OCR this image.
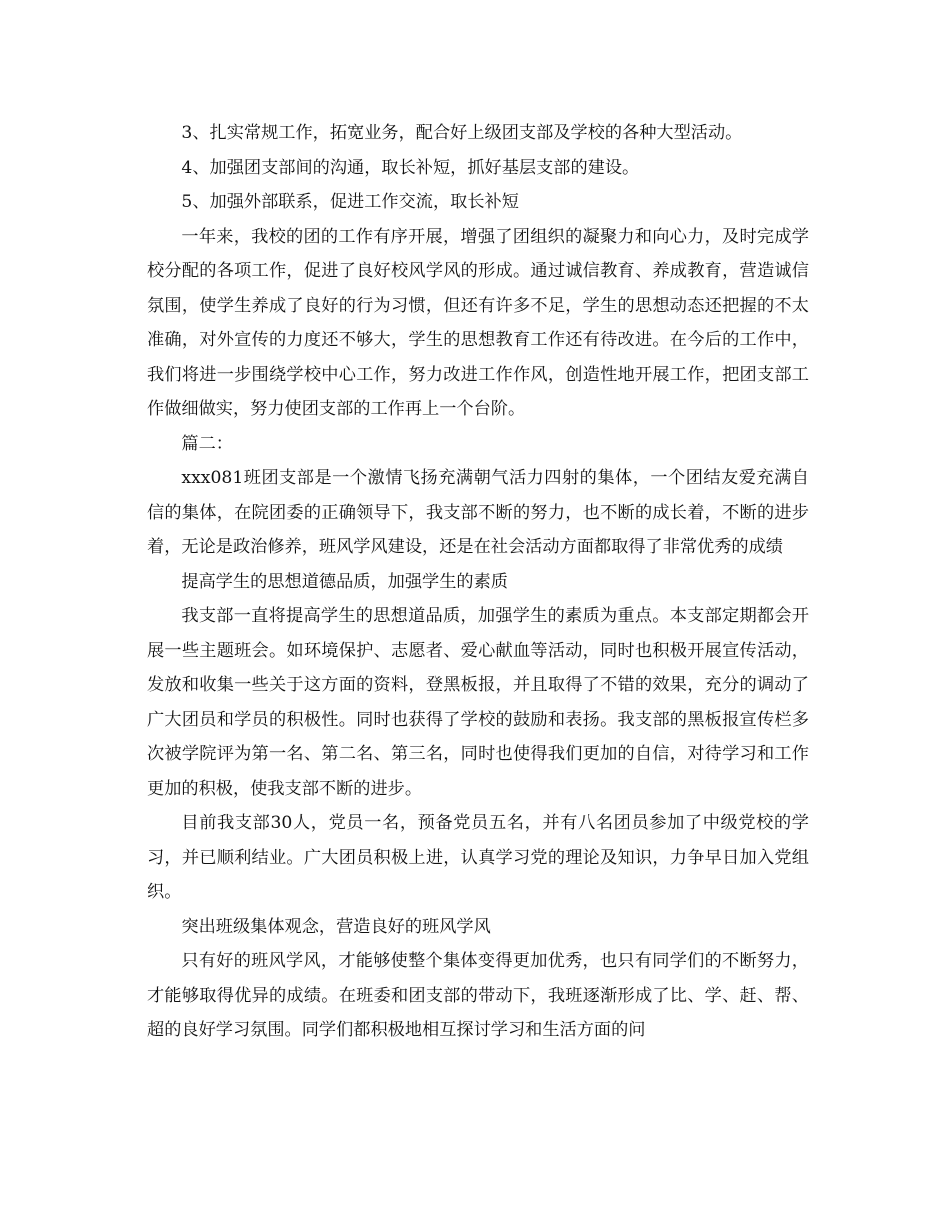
3、扎实常规工作，拓宽业务，配合好上级团支部及学校的各种大型活动。

4、加强团支部间的沟通，取长补短，抓好基层支部的建设。

5、加强外部联系，促进工作交流，取长补短

一年来，我校的团的工作有序开展，增强了团组织的凝聚力和向心力，及时完成学校分配的各项工作，促进了良好校风学风的形成。通过诚信教育、养成教育，营造诚信氛围，使学生养成了良好的行为习惯，但还有许多不足，学生的思想动态还把握的不太准确，对外宣传的力度还不够大，学生的思想教育工作还有待改进。在今后的工作中，我们将进一步围绕学校中心工作，努力改进工作作风，创造性地开展工作，把团支部工作做细做实，努力使团支部的工作再上一个台阶。

篇二：

xxx081班团支部是一个激情飞扬充满朝气活力四射的集体，一个团结友爱充满自信的集体，在院团委的正确领导下，我支部不断的努力，也不断的成长着，不断的进步着，无论是政治修养，班风学风建设，还是在社会活动方面都取得了非常优秀的成绩

提高学生的思想道德品质，加强学生的素质

我支部一直将提高学生的思想道品质，加强学生的素质为重点。本支部定期都会开展一些主题班会。如环境保护、志愿者、爱心献血等活动，同时也积极开展宣传活动，发放和收集一些关于这方面的资料，登黑板报，并且取得了不错的效果，充分的调动了广大团员和学员的积极性。同时也获得了学校的鼓励和表扬。我支部的黑板报宣传栏多次被学院评为第一名、第二名、第三名，同时也使得我们更加的自信，对待学习和工作更加的积极，使我支部不断的进步。

目前我支部30人，党员一名，预备党员五名，并有八名团员参加了中级党校的学习，并已顺利结业。广大团员积极上进，认真学习党的理论及知识，力争早日加入党组织。

突出班级集体观念，营造良好的班风学风

只有好的班风学风，才能够使整个集体变得更加优秀，也只有同学们的不断努力，才能够取得优异的成绩。在班委和团支部的带动下，我班逐渐形成了比、学、赶、帮、超的良好学习氛围。同学们都积极地相互探讨学习和生活方面的问
